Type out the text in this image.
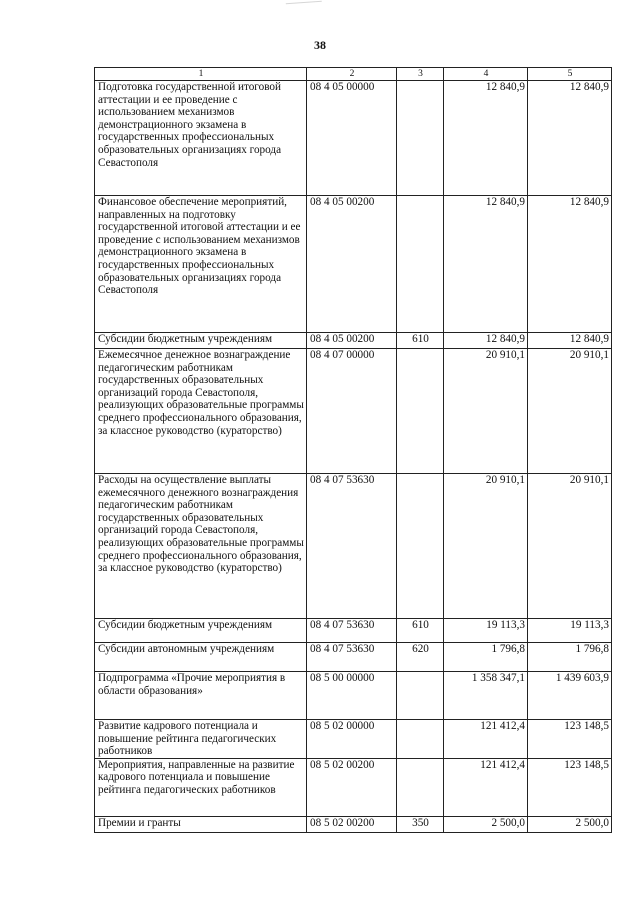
38
1	2	3	4	5
Подготовка государственной итоговой аттестации и ее проведение с использованием механизмов демонстрационного экзамена в государственных профессиональных образовательных организациях города Севастополя	08 4 05 00000		12 840,9	12 840,9
Финансовое обеспечение мероприятий, направленных на подготовку государственной итоговой аттестации и ее проведение с использованием механизмов демонстрационного экзамена в государственных профессиональных образовательных организациях города Севастополя	08 4 05 00200		12 840,9	12 840,9
Субсидии бюджетным учреждениям	08 4 05 00200	610	12 840,9	12 840,9
Ежемесячное денежное вознаграждение педагогическим работникам государственных образовательных организаций города Севастополя, реализующих образовательные программы среднего профессионального образования, за классное руководство (кураторство)	08 4 07 00000		20 910,1	20 910,1
Расходы на осуществление выплаты ежемесячного денежного вознаграждения педагогическим работникам государственных образовательных организаций города Севастополя, реализующих образовательные программы среднего профессионального образования, за классное руководство (кураторство)	08 4 07 53630		20 910,1	20 910,1
Субсидии бюджетным учреждениям	08 4 07 53630	610	19 113,3	19 113,3
Субсидии автономным учреждениям	08 4 07 53630	620	1 796,8	1 796,8
Подпрограмма «Прочие мероприятия в области образования»	08 5 00 00000		1 358 347,1	1 439 603,9
Развитие кадрового потенциала и повышение рейтинга педагогических работников	08 5 02 00000		121 412,4	123 148,5
Мероприятия, направленные на развитие кадрового потенциала и повышение рейтинга педагогических работников	08 5 02 00200		121 412,4	123 148,5
Премии и гранты	08 5 02 00200	350	2 500,0	2 500,0
